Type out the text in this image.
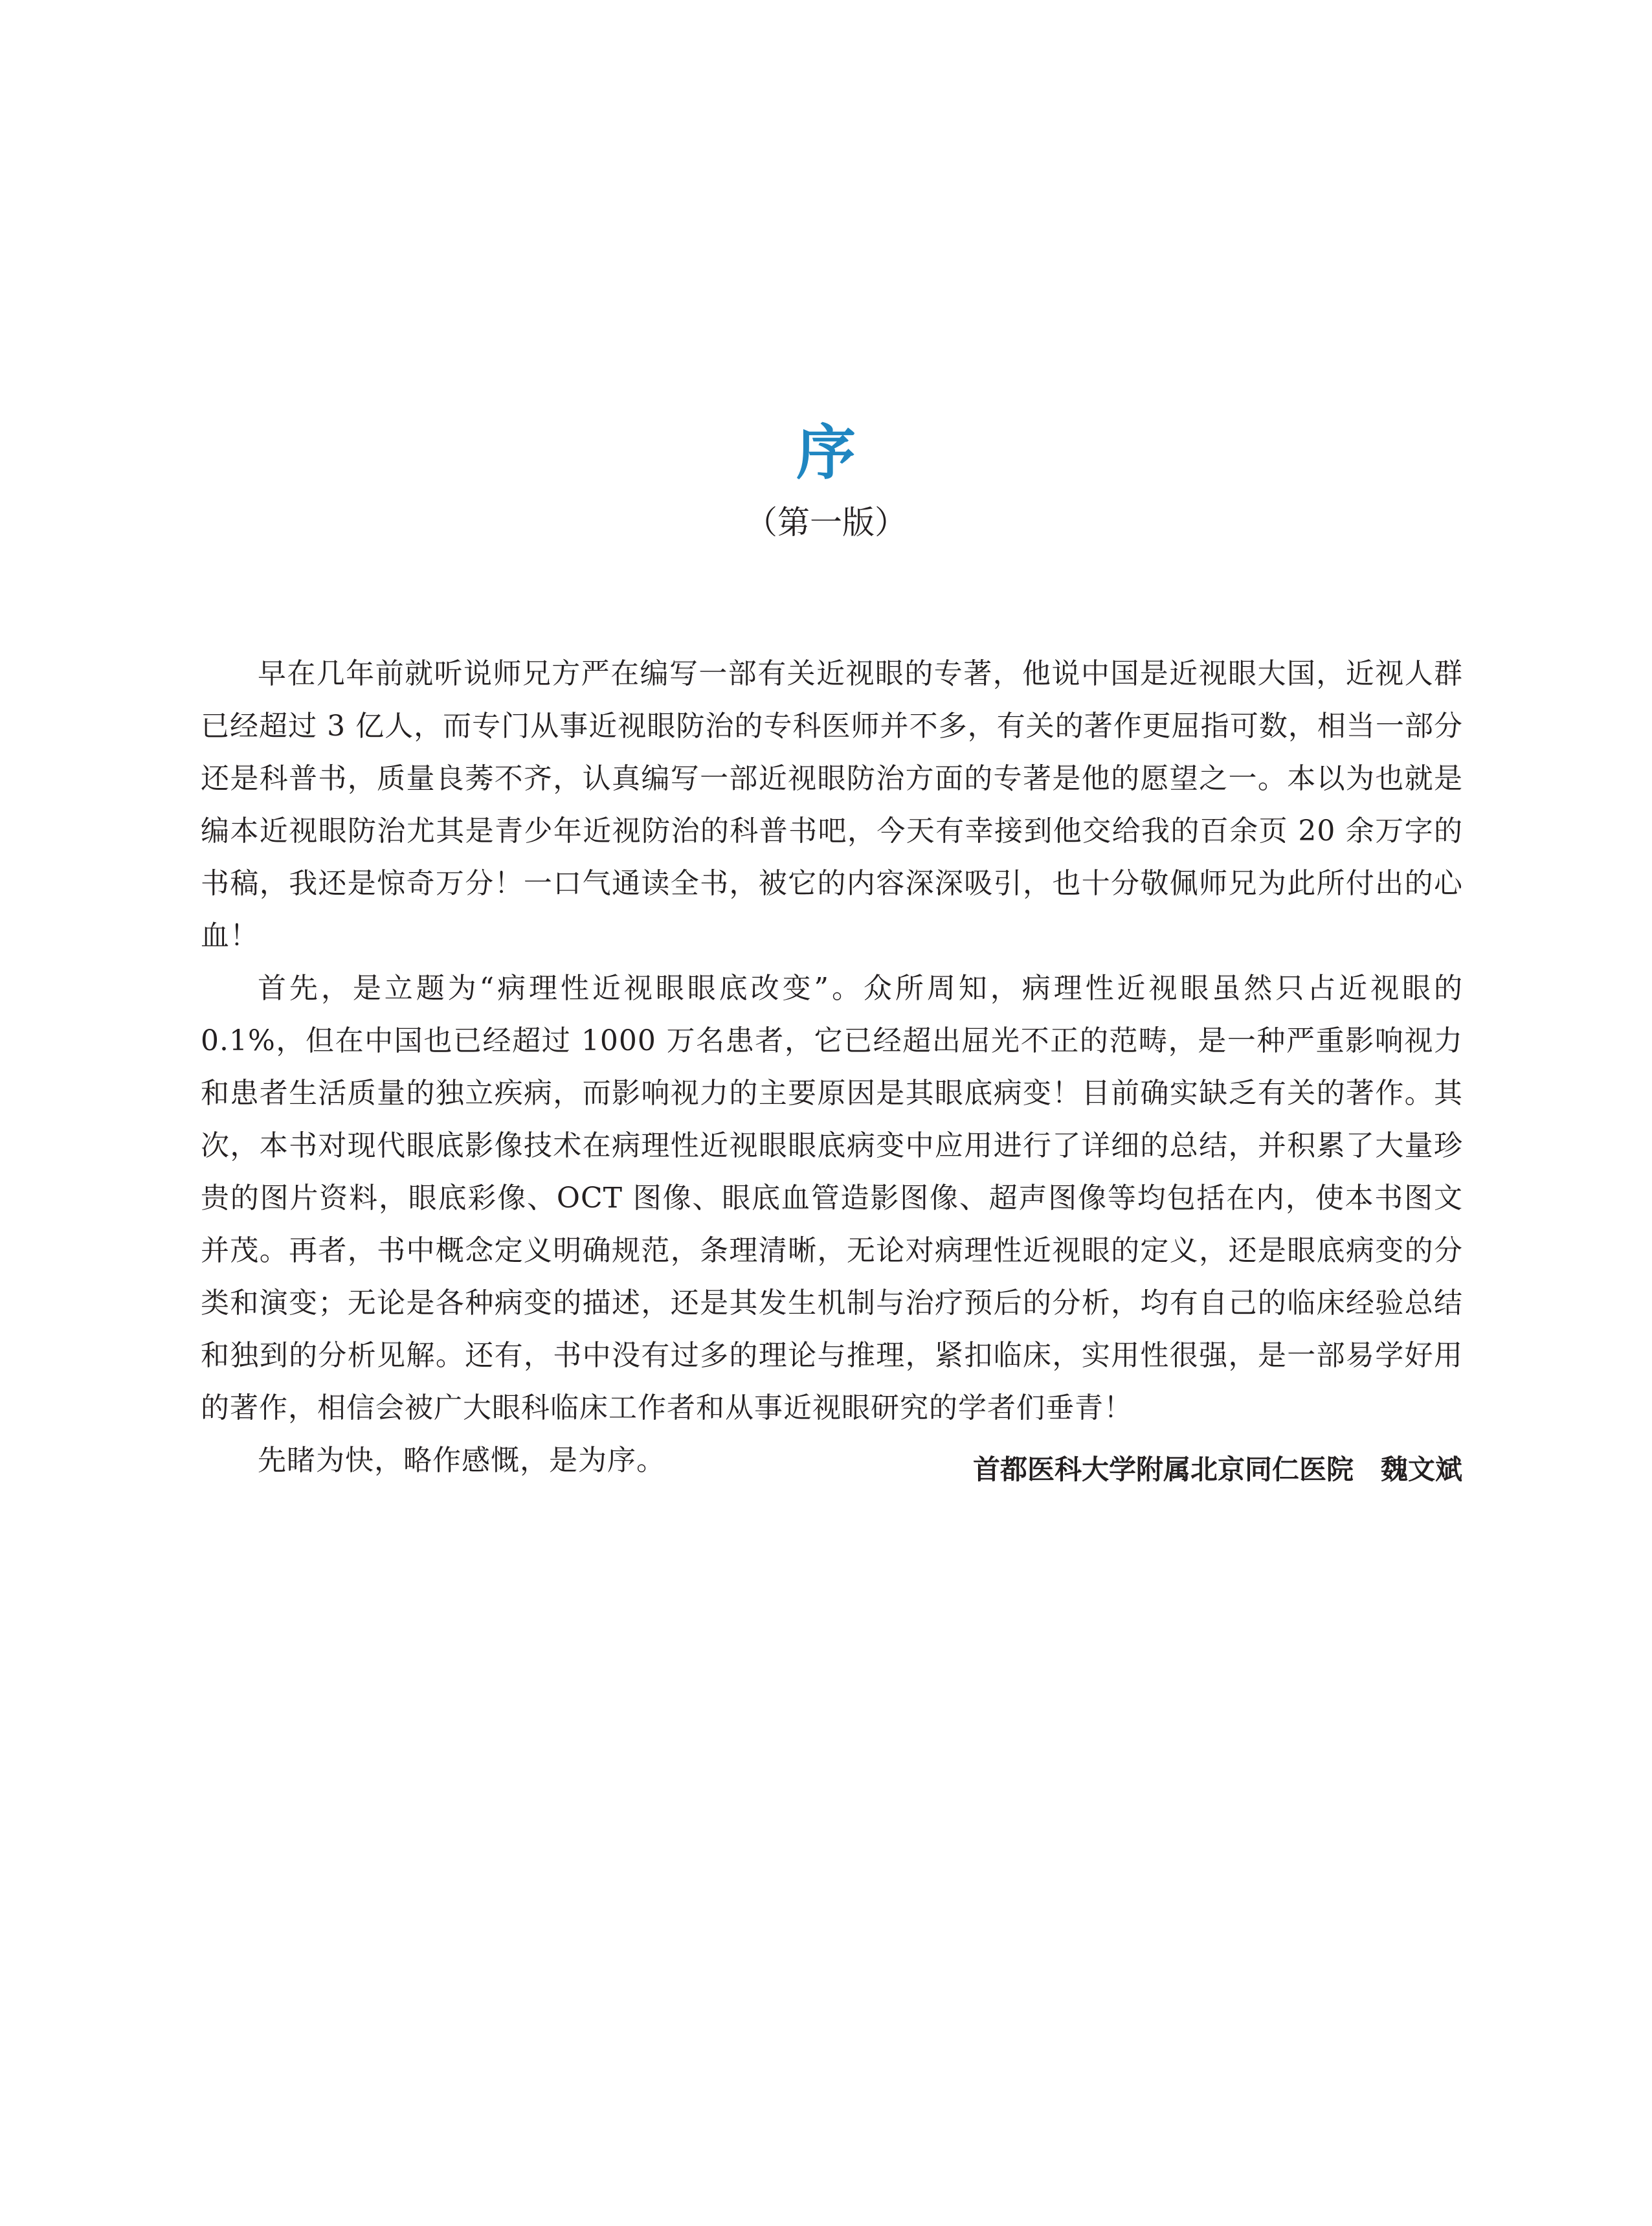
序
（第一版）

早在几年前就听说师兄方严在编写一部有关近视眼的专著，他说中国是近视眼大国，近视人群已经超过 3 亿人，而专门从事近视眼防治的专科医师并不多，有关的著作更屈指可数，相当一部分还是科普书，质量良莠不齐，认真编写一部近视眼防治方面的专著是他的愿望之一。本以为也就是编本近视眼防治尤其是青少年近视防治的科普书吧，今天有幸接到他交给我的百余页 20 余万字的书稿，我还是惊奇万分！一口气通读全书，被它的内容深深吸引，也十分敬佩师兄为此所付出的心血！

首先，是立题为“病理性近视眼眼底改变”。众所周知，病理性近视眼虽然只占近视眼的 0.1%，但在中国也已经超过 1000 万名患者，它已经超出屈光不正的范畴，是一种严重影响视力和患者生活质量的独立疾病，而影响视力的主要原因是其眼底病变！目前确实缺乏有关的著作。其次，本书对现代眼底影像技术在病理性近视眼眼底病变中应用进行了详细的总结，并积累了大量珍贵的图片资料，眼底彩像、OCT 图像、眼底血管造影图像、超声图像等均包括在内，使本书图文并茂。再者，书中概念定义明确规范，条理清晰，无论对病理性近视眼的定义，还是眼底病变的分类和演变；无论是各种病变的描述，还是其发生机制与治疗预后的分析，均有自己的临床经验总结和独到的分析见解。还有，书中没有过多的理论与推理，紧扣临床，实用性很强，是一部易学好用的著作，相信会被广大眼科临床工作者和从事近视眼研究的学者们垂青！

先睹为快，略作感慨，是为序。	首都医科大学附属北京同仁医院　魏文斌
